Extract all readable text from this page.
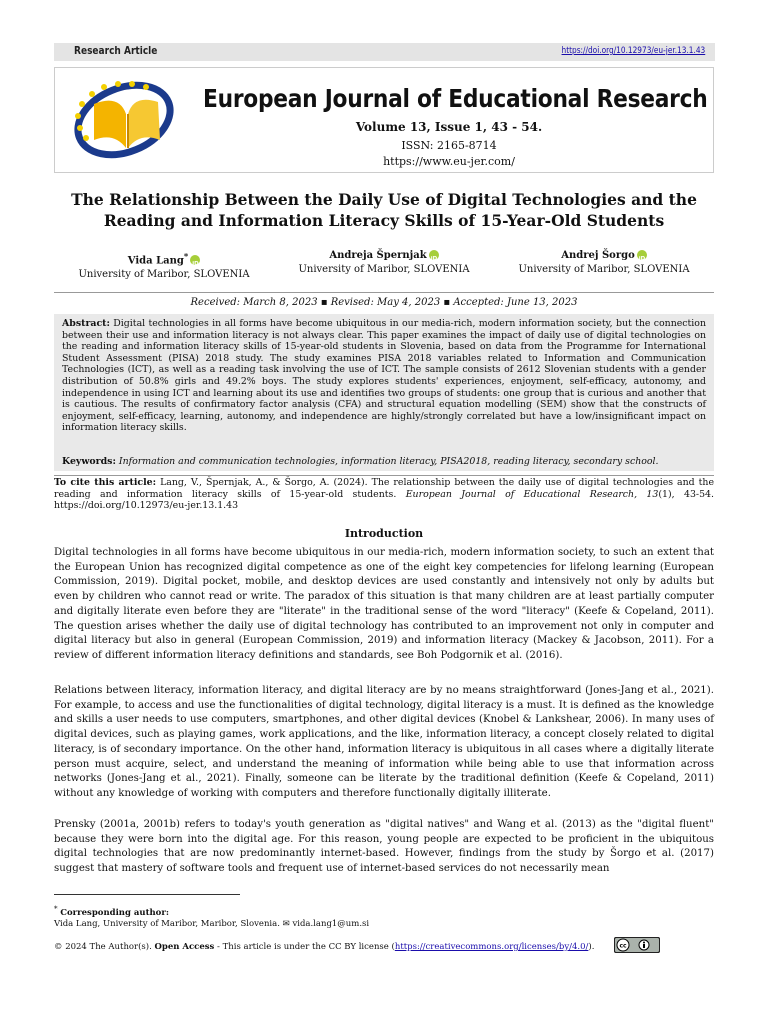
Research Article	https://doi.org/10.12973/eu-jer.13.1.43
European Journal of Educational Research
Volume 13, Issue 1, 43 - 54.
ISSN: 2165-8714
https://www.eu-jer.com/
The Relationship Between the Daily Use of Digital Technologies and the
Reading and Information Literacy Skills of 15-Year-Old Students
Vida Lang*iD
University of Maribor, SLOVENIA
Andreja ŠpernjakiD
University of Maribor, SLOVENIA
Andrej ŠorgoiD
University of Maribor, SLOVENIA
Received: March 8, 2023 ▪ Revised: May 4, 2023 ▪ Accepted: June 13, 2023
Abstract: Digital technologies in all forms have become ubiquitous in our media-rich, modern information society, but the connection between their use and information literacy is not always clear. This paper examines the impact of daily use of digital technologies on the reading and information literacy skills of 15-year-old students in Slovenia, based on data from the Programme for International Student Assessment (PISA) 2018 study. The study examines PISA 2018 variables related to Information and Communication Technologies (ICT), as well as a reading task involving the use of ICT. The sample consists of 2612 Slovenian students with a gender distribution of 50.8% girls and 49.2% boys. The study explores students' experiences, enjoyment, self-efficacy, autonomy, and independence in using ICT and learning about its use and identifies two groups of students: one group that is curious and another that is cautious. The results of confirmatory factor analysis (CFA) and structural equation modelling (SEM) show that the constructs of enjoyment, self-efficacy, learning, autonomy, and independence are highly/strongly correlated but have a low/insignificant impact on information literacy skills.
Keywords: Information and communication technologies, information literacy, PISA2018, reading literacy, secondary school.
To cite this article: Lang, V., Špernjak, A., & Šorgo, A. (2024). The relationship between the daily use of digital technologies and the reading and information literacy skills of 15-year-old students. European Journal of Educational Research, 13(1), 43-54. https://doi.org/10.12973/eu-jer.13.1.43
Introduction
Digital technologies in all forms have become ubiquitous in our media-rich, modern information society, to such an extent that the European Union has recognized digital competence as one of the eight key competencies for lifelong learning (European Commission, 2019). Digital pocket, mobile, and desktop devices are used constantly and intensively not only by adults but even by children who cannot read or write. The paradox of this situation is that many children are at least partially computer and digitally literate even before they are "literate" in the traditional sense of the word "literacy" (Keefe & Copeland, 2011). The question arises whether the daily use of digital technology has contributed to an improvement not only in computer and digital literacy but also in general (European Commission, 2019) and information literacy (Mackey & Jacobson, 2011). For a review of different information literacy definitions and standards, see Boh Podgornik et al. (2016).
Relations between literacy, information literacy, and digital literacy are by no means straightforward (Jones-Jang et al., 2021). For example, to access and use the functionalities of digital technology, digital literacy is a must. It is defined as the knowledge and skills a user needs to use computers, smartphones, and other digital devices (Knobel & Lankshear, 2006). In many uses of digital devices, such as playing games, work applications, and the like, information literacy, a concept closely related to digital literacy, is of secondary importance. On the other hand, information literacy is ubiquitous in all cases where a digitally literate person must acquire, select, and understand the meaning of information while being able to use that information across networks (Jones-Jang et al., 2021). Finally, someone can be literate by the traditional definition (Keefe & Copeland, 2011) without any knowledge of working with computers and therefore functionally digitally illiterate.
Prensky (2001a, 2001b) refers to today's youth generation as "digital natives" and Wang et al. (2013) as the "digital fluent" because they were born into the digital age. For this reason, young people are expected to be proficient in the ubiquitous digital technologies that are now predominantly internet-based. However, findings from the study by Šorgo et al. (2017) suggest that mastery of software tools and frequent use of internet-based services do not necessarily mean
* Corresponding author:
Vida Lang, University of Maribor, Maribor, Slovenia. ✉ vida.lang1@um.si
© 2024 The Author(s). Open Access - This article is under the CC BY license (https://creativecommons.org/licenses/by/4.0/).	cc
